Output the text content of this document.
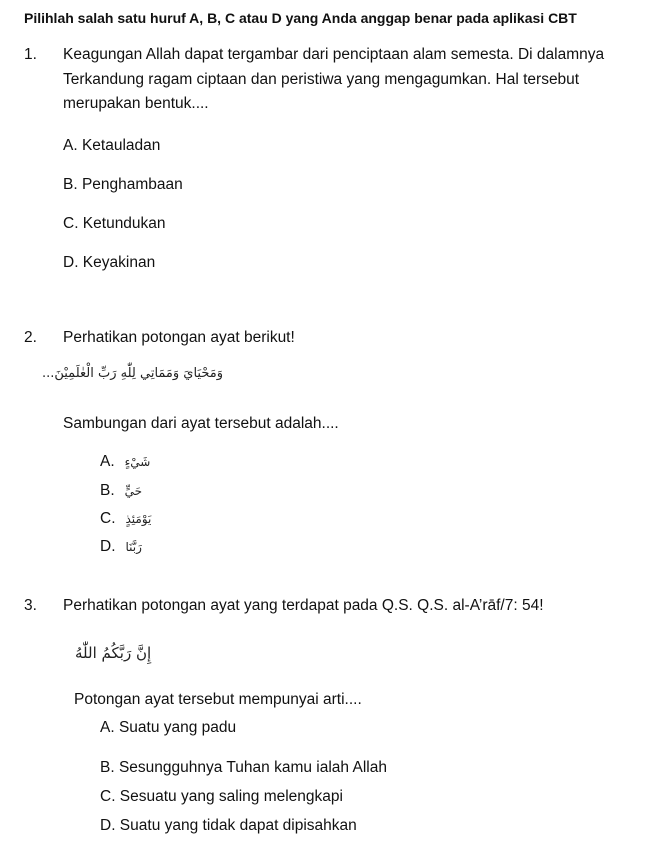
Pilihlah salah satu huruf A, B, C atau D yang Anda anggap benar pada aplikasi CBT
1. Keagungan Allah dapat tergambar dari penciptaan alam semesta. Di dalamnya
Terkandung ragam ciptaan dan peristiwa yang mengagumkan. Hal tersebut
merupakan bentuk....
A. Ketauladan
B. Penghambaan
C. Ketundukan
D. Keyakinan
2. Perhatikan potongan ayat berikut!
وَمَحْيَايَ وَمَمَاتِي لِلّٰهِ رَبِّ الْعٰلَمِيْنَ...
Sambungan dari ayat tersebut adalah....
A. شَيْءٍ
B. حَيٍّ
C. يَوْمَئِذٍ
D. رَبَّنَا
3. Perhatikan potongan ayat yang terdapat pada Q.S. Q.S. al-A’rāf/7: 54!
إِنَّ رَبَّكُمُ اللّٰهُ
Potongan ayat tersebut mempunyai arti....
A. Suatu yang padu
B. Sesungguhnya Tuhan kamu ialah Allah
C. Sesuatu yang saling melengkapi
D. Suatu yang tidak dapat dipisahkan
